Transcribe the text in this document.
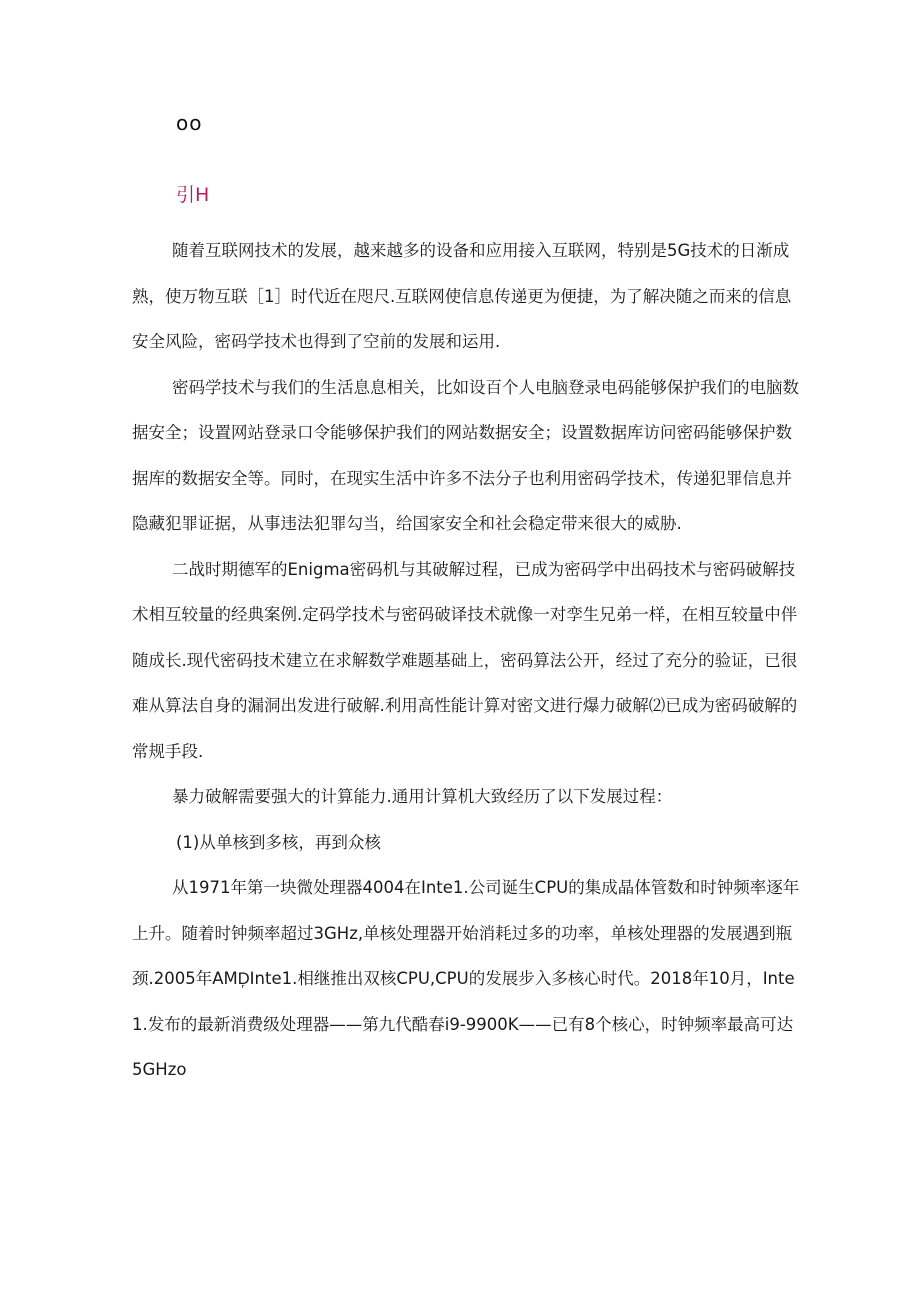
oo
引H

随着互联网技术的发展，越来越多的设备和应用接入互联网，特别是5G技术的日渐成熟，使万物互联［1］时代近在咫尺.互联网使信息传递更为便捷，为了解决随之而来的信息安全风险，密码学技术也得到了空前的发展和运用.

密码学技术与我们的生活息息相关，比如设百个人电脑登录电码能够保护我们的电脑数据安全；设置网站登录口令能够保护我们的网站数据安全；设置数据库访问密码能够保护数据库的数据安全等。同时，在现实生活中许多不法分子也利用密码学技术，传递犯罪信息并隐藏犯罪证据，从事违法犯罪勾当，给国家安全和社会稳定带来很大的威胁.

二战时期德军的Enigma密码机与其破解过程，已成为密码学中出码技术与密码破解技术相互较量的经典案例.定码学技术与密码破译技术就像一对孪生兄弟一样，在相互较量中伴随成长.现代密码技术建立在求解数学难题基础上，密码算法公开，经过了充分的验证，已很难从算法自身的漏洞出发进行破解.利用高性能计算对密文进行爆力破解⑵已成为密码破解的常规手段.

暴力破解需要强大的计算能力.通用计算机大致经历了以下发展过程：

(1)从单核到多核，再到众核

从1971年第一块微处理器4004在Inte1.公司诞生CPU的集成晶体管数和时钟频率逐年上升。随着时钟频率超过3GHz,单核处理器开始消耗过多的功率，单核处理器的发展遇到瓶颈.2005年AMD᷊Inte1.相继推出双核CPU,CPU的发展步入多核心时代。2018年10月，Inte1.发布的最新消费级处理器——第九代酷春i9-9900K——已有8个核心，时钟频率最高可达5GHzo
